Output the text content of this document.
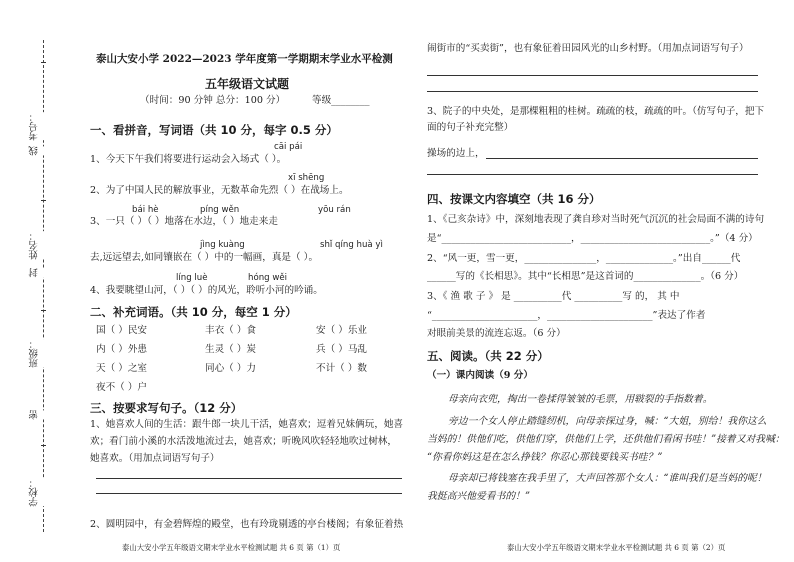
考号：
姓名：
班级：
学校：
线
封
密
泰山大安小学 2022—2023 学年度第一学期期末学业水平检测
五年级语文试题
（时间：90 分钟 总分：100 分）	等级________
一、看拼音，写词语（共 10 分，每字 0.5 分）
cāi pái
1、今天下午我们将要进行运动会入场式（ ）。
xī shēng
2、为了中国人民的解放事业，无数革命先烈（ ）在战场上。
bái hè	píng wěn	yōu rán
3、一只（ ）（ ）地落在水边，（ ）地走来走
jìng kuàng	shǐ qíng huà yì
去,远远望去,如同镶嵌在（ ）中的一幅画，真是（ ）。
líng luè	hóng wěi
4、我要眺望山河，（ ）（ ）的风光，聆听小河的吟诵。
二、补充词语。（共 10 分，每空 1 分）
国（ ）民安	丰衣（ ）食	安（ ）乐业
内（ ）外患	生灵（ ）炭	兵（ ）马乱
天（ ）之室	同心（ ）力	不计（ ）数
夜不（ ）户
三、按要求写句子。（12 分）
1、她喜欢人间的生活：跟牛郎一块儿干活，她喜欢；逗着兄妹俩玩，她喜
欢；看门前小溪的水活泼地流过去，她喜欢；听晚风吹轻轻地吹过树林，
她喜欢。（用加点词语写句子）
2、圆明园中，有金碧辉煌的殿堂，也有玲珑剔透的亭台楼阁；有象征着热
闹街市的“买卖街”，也有象征着田园风光的山乡村野。（用加点词语写句子）
3、院子的中央处，是那棵粗粗的桂树。疏疏的枝，疏疏的叶。（仿写句子，把下
面的句子补充完整）
操场的边上，
四、按课文内容填空（共 16 分）
1、《己亥杂诗》中，深刻地表现了龚自珍对当时死气沉沉的社会局面不满的诗句
是“___________________________，___________________________。”（4 分）
2、“风一更，雪一更，_______________，______________。”出自______代
______写的《长相思》。其中“长相思”是这首词的______________。（6 分）
3、《 渔 歌 子 》 是 __________代 __________写 的， 其 中
“______________________，______________________”表达了作者
对眼前美景的流连忘返。（6 分）
五、阅读。（共 22 分）
（一）课内阅读（9 分）
母亲向衣兜，掏出一卷揉得皱皱的毛票，用皲裂的手指数着。
旁边一个女人停止踏缝纫机，向母亲探过身，喊：“大姐，别给！我你这么
当妈的！供他们吃，供他们穿，供他们上学，还供他们看闲书哇！”接着又对我喊：
“你看你妈这是在怎么挣钱？你忍心那钱要钱买书哇？”
母亲却已将钱塞在我手里了，大声回答那个女人：“谁叫我们是当妈的呢！
我挺高兴他爱看书的！”
泰山大安小学五年级语文期末学业水平检测试题 共 6 页 第（1）页	泰山大安小学五年级语文期末学业水平检测试题 共 6 页 第（2）页
